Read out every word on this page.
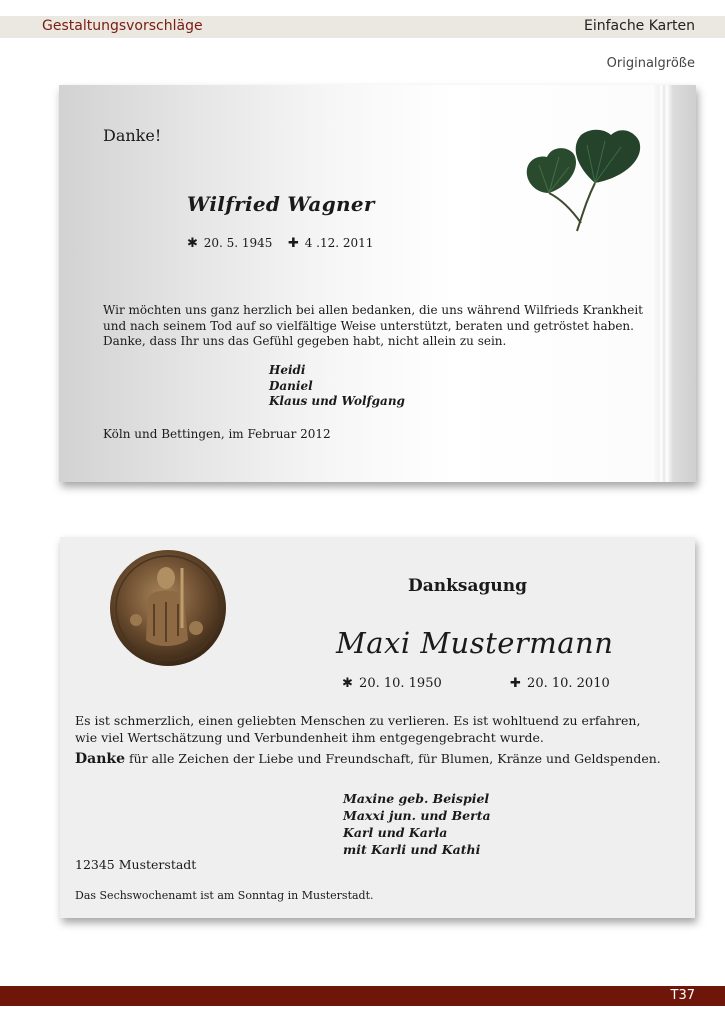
Gestaltungsvorschläge	Einfache Karten
Originalgröße
Danke!
Wilfried Wagner
✱ 20. 5. 1945 ✚ 4 .12. 2011
Wir möchten uns ganz herzlich bei allen bedanken, die uns während Wilfrieds Krankheit
und nach seinem Tod auf so vielfältige Weise unterstützt, beraten und getröstet haben.
Danke, dass Ihr uns das Gefühl gegeben habt, nicht allein zu sein.
Heidi
Daniel
Klaus und Wolfgang
Köln und Bettingen, im Februar 2012
Danksagung
Maxi Mustermann
✱ 20. 10. 1950	✚ 20. 10. 2010
Es ist schmerzlich, einen geliebten Menschen zu verlieren. Es ist wohltuend zu erfahren,
wie viel Wertschätzung und Verbundenheit ihm entgegengebracht wurde.
Danke für alle Zeichen der Liebe und Freundschaft, für Blumen, Kränze und Geldspenden.
Maxine geb. Beispiel
Maxxi jun. und Berta
Karl und Karla
mit Karli und Kathi
12345 Musterstadt
Das Sechswochenamt ist am Sonntag in Musterstadt.
T37
